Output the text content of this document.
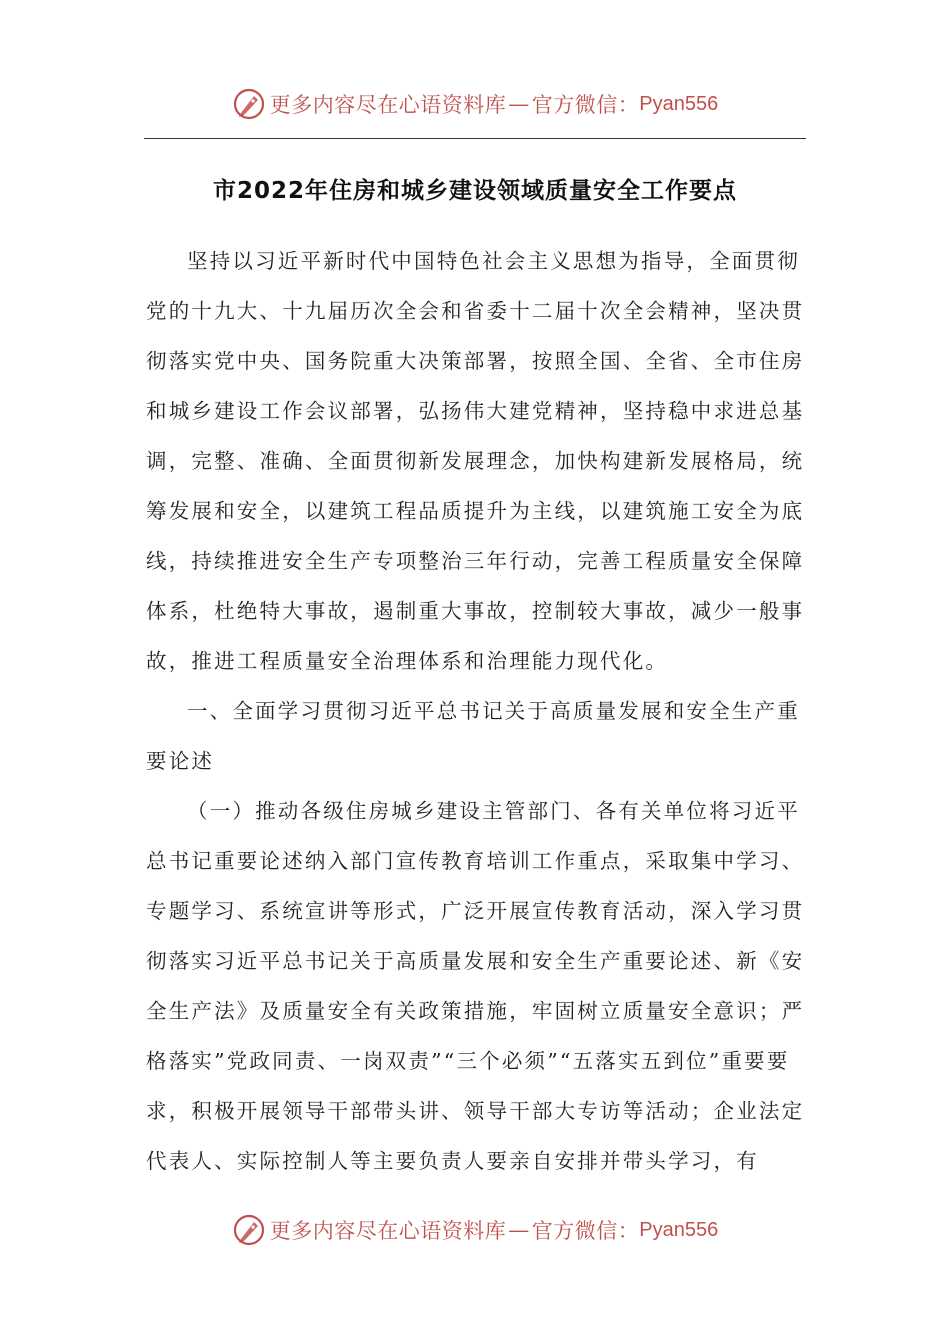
更多内容尽在心语资料库 — 官方微信： Pyan556
市2022年住房和城乡建设领域质量安全工作要点

坚持以习近平新时代中国特色社会主义思想为指导，全面贯彻党的十九大、十九届历次全会和省委十二届十次全会精神，坚决贯彻落实党中央、国务院重大决策部署，按照全国、全省、全市住房和城乡建设工作会议部署，弘扬伟大建党精神，坚持稳中求进总基调，完整、准确、全面贯彻新发展理念，加快构建新发展格局，统筹发展和安全，以建筑工程品质提升为主线，以建筑施工安全为底线，持续推进安全生产专项整治三年行动，完善工程质量安全保障体系，杜绝特大事故，遏制重大事故，控制较大事故，减少一般事故，推进工程质量安全治理体系和治理能力现代化。

一、全面学习贯彻习近平总书记关于高质量发展和安全生产重要论述

（一）推动各级住房城乡建设主管部门、各有关单位将习近平总书记重要论述纳入部门宣传教育培训工作重点，采取集中学习、专题学习、系统宣讲等形式，广泛开展宣传教育活动，深入学习贯彻落实习近平总书记关于高质量发展和安全生产重要论述、新《安全生产法》及质量安全有关政策措施，牢固树立质量安全意识；严格落实”党政同责、一岗双责”“三个必须”“五落实五到位”重要要求，积极开展领导干部带头讲、领导干部大专访等活动；企业法定代表人、实际控制人等主要负责人要亲自安排并带头学习，有

更多内容尽在心语资料库 — 官方微信： Pyan556
